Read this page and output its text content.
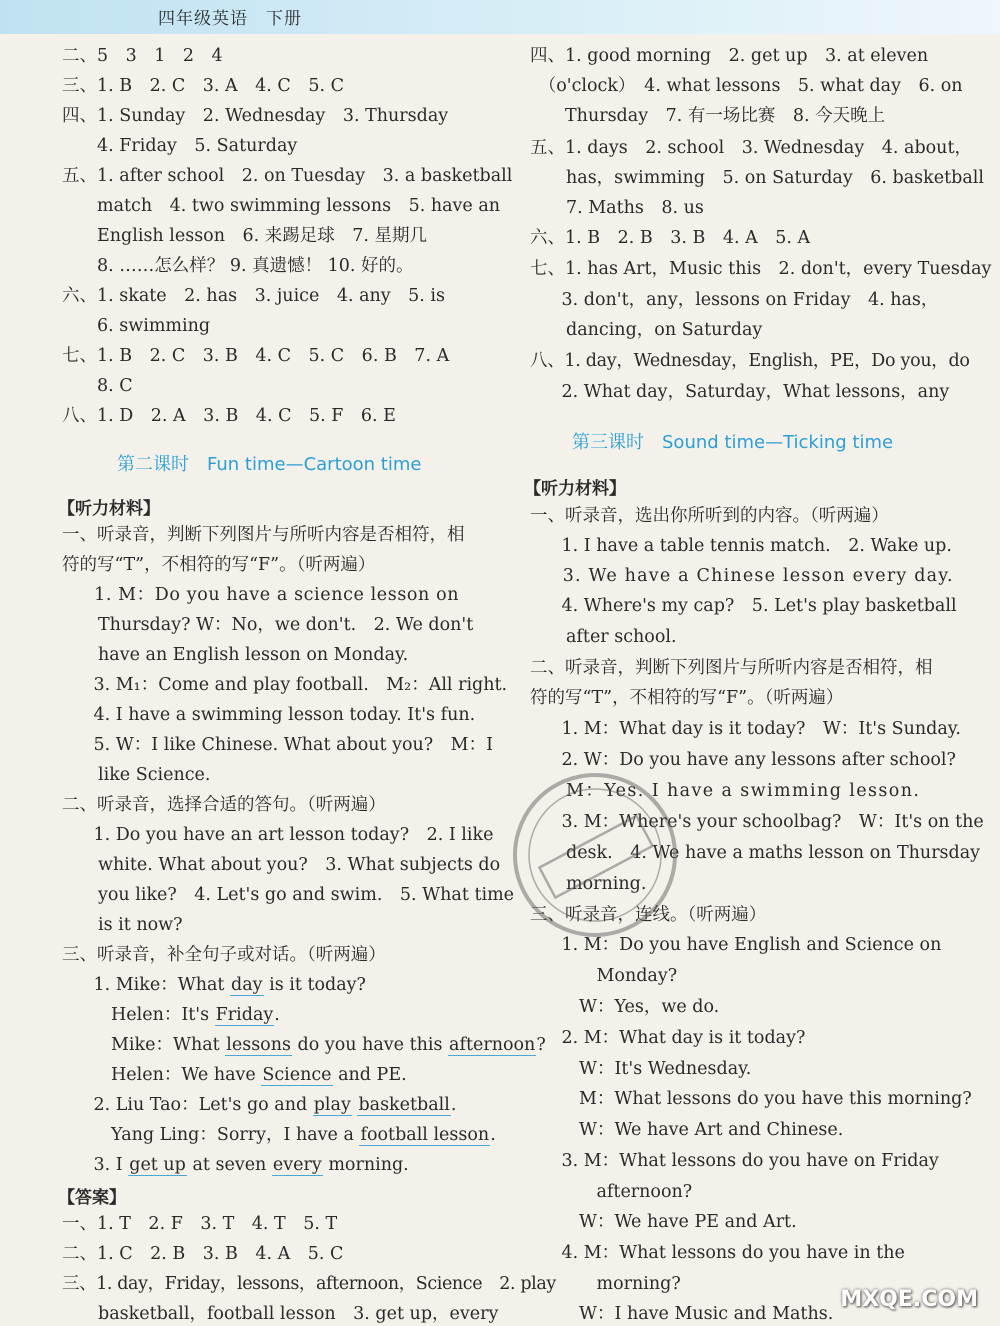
四年级英语　下册
二、5　3　1　2　4
三、1. B　2. C　3. A　4. C　5. C
四、1. Sunday　2. Wednesday　3. Thursday
　　4. Friday　5. Saturday
五、1. after school　2. on Tuesday　3. a basketball
　　match　4. two swimming lessons　5. have an
　　English lesson　6. 来踢足球　7. 星期几
　　8. ……怎么样？ 9. 真遗憾！ 10. 好的。
六、1. skate　2. has　3. juice　4. any　5. is
　　6. swimming
七、1. B　2. C　3. B　4. C　5. C　6. B　7. A
　　8. C
八、1. D　2. A　3. B　4. C　5. F　6. E
第二课时　Fun time—Cartoon time
【听力材料】
一、听录音，判断下列图片与所听内容是否相符，相
符的写“T”，不相符的写“F”。（听两遍）
　1. M：Do you have a science lesson on
Thursday? W：No，we don't.　2. We don't
have an English lesson on Monday.
　3. M₁：Come and play football.　M₂：All right.
　4. I have a swimming lesson today. It's fun.
　5. W：I like Chinese. What about you?　M：I
like Science.
二、听录音，选择合适的答句。（听两遍）
　1. Do you have an art lesson today?　2. I like
white. What about you?　3. What subjects do
you like?　4. Let's go and swim.　5. What time
is it now?
三、听录音，补全句子或对话。（听两遍）
　1. Mike：What day is it today?
　　Helen：It's Friday.
　　Mike：What lessons do you have this afternoon?
　　Helen：We have Science and PE.
　2. Liu Tao：Let's go and play basketball.
　　Yang Ling：Sorry，I have a football lesson.
　3. I get up at seven every morning.
【答案】
一、1. T　2. F　3. T　4. T　5. T
二、1. C　2. B　3. B　4. A　5. C
三、1. day，Friday，lessons，afternoon，Science　2. play
basketball，football lesson　3. get up，every
四、1. good morning　2. get up　3. at eleven
　（o'clock）　4. what lessons　5. what day　6. on
　　Thursday　7. 有一场比赛　8. 今天晚上
五、1. days　2. school　3. Wednesday　4. about，
has，swimming　5. on Saturday　6. basketball
7. Maths　8. us
六、1. B　2. B　3. B　4. A　5. A
七、1. has Art，Music this　2. don't，every Tuesday
　3. don't，any，lessons on Friday　4. has，
dancing，on Saturday
八、1. day，Wednesday，English，PE，Do you，do
　2. What day，Saturday，What lessons，any
第三课时　Sound time—Ticking time
【听力材料】
一、听录音，选出你所听到的内容。（听两遍）
　1. I have a table tennis match.　2. Wake up.
　3. We have a Chinese lesson every day.
　4. Where's my cap?　5. Let's play basketball
after school.
二、听录音，判断下列图片与所听内容是否相符，相
符的写“T”，不相符的写“F”。（听两遍）
　1. M：What day is it today?　W：It's Sunday.
　2. W：Do you have any lessons after school?
M：Yes. I have a swimming lesson.
　3. M：Where's your schoolbag?　W：It's on the
desk.　4. We have a maths lesson on Thursday
morning.
三、听录音，连线。（听两遍）
　1. M：Do you have English and Science on
　　　Monday?
　　W：Yes，we do.
　2. M：What day is it today?
　　W：It's Wednesday.
　　M：What lessons do you have this morning?
　　W：We have Art and Chinese.
　3. M：What lessons do you have on Friday
　　　afternoon?
　　W：We have PE and Art.
　4. M：What lessons do you have in the
　　　morning?
　　W：I have Music and Maths.
MXQE.COM
